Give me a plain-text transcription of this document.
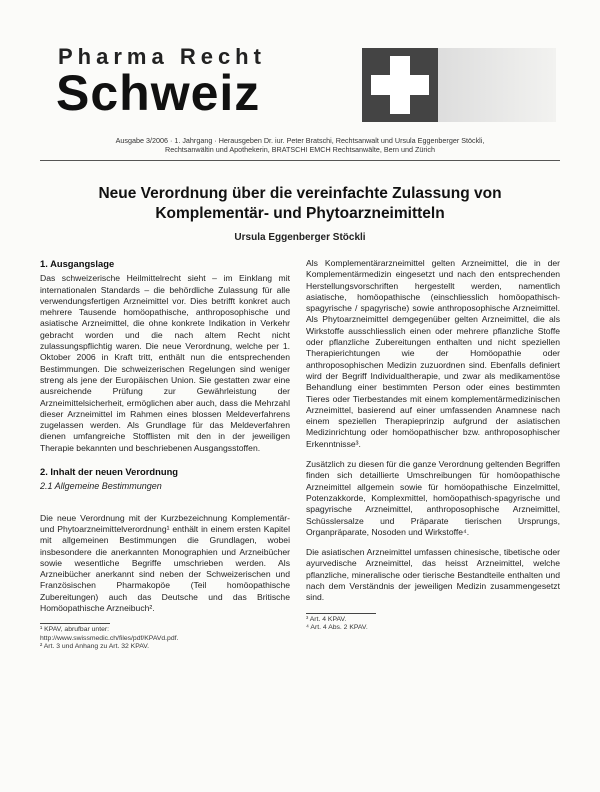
Pharma Recht
Schweiz
Ausgabe 3/2006 · 1. Jahrgang · Herausgeben Dr. iur. Peter Bratschi, Rechtsanwalt und Ursula Eggenberger Stöckli,
Rechtsanwältin und Apothekerin, BRATSCHI EMCH Rechtsanwälte, Bern und Zürich
Neue Verordnung über die vereinfachte Zulassung von
Komplementär- und Phytoarzneimitteln
Ursula Eggenberger Stöckli
1. Ausgangslage

Das schweizerische Heilmittelrecht sieht – im Einklang mit internationalen Standards – die behördliche Zulassung für alle verwendungsfertigen Arzneimittel vor. Dies betrifft konkret auch mehrere Tausende homöopathische, anthroposophische und asiatische Arzneimittel, die ohne konkrete Indikation in Verkehr gebracht worden und die nach altem Recht nicht zulassungspflichtig waren. Die neue Verordnung, welche per 1. Oktober 2006 in Kraft tritt, enthält nun die entsprechenden Bestimmungen. Die schweizerischen Regelungen sind weniger streng als jene der Europäischen Union. Sie gestatten zwar eine ausreichende Prüfung zur Gewährleistung der Arzneimittelsicherheit, ermöglichen aber auch, dass die Mehrzahl dieser Arzneimittel im Rahmen eines blossen Meldeverfahrens zugelassen werden. Als Grundlage für das Meldeverfahren dienen umfangreiche Stofflisten mit den in der jeweiligen Therapie bekannten und beschriebenen Ausgangsstoffen.

2. Inhalt der neuen Verordnung
2.1 Allgemeine Bestimmungen

Die neue Verordnung mit der Kurzbezeichnung Komplementär- und Phytoarzneimittelverordnung¹ enthält in einem ersten Kapitel mit allgemeinen Bestimmungen die Grundlagen, wobei insbesondere die anerkannten Monographien und Arzneibücher sowie wesentliche Begriffe umschrieben werden. Als Arzneibücher anerkannt sind neben der Schweizerischen und Französischen Pharmakopöe (Teil homöopathische Zubereitungen) auch das Deutsche und das Britische Homöopathische Arzneibuch².

¹ KPAV, abrufbar unter:
http://www.swissmedic.ch/files/pdf/KPAVd.pdf.
² Art. 3 und Anhang zu Art. 32 KPAV.

Als Komplementärarzneimittel gelten Arzneimittel, die in der Komplementärmedizin eingesetzt und nach den entsprechenden Herstellungsvorschriften hergestellt werden, namentlich asiatische, homöopathische (einschliesslich homöopathisch-spagyrische / spagyrische) sowie anthroposophische Arzneimittel. Als Phytoarzneimittel demgegenüber gelten Arzneimittel, die als Wirkstoffe ausschliesslich einen oder mehrere pflanzliche Stoffe oder pflanzliche Zubereitungen enthalten und nicht speziellen Therapierichtungen wie der Homöopathie oder anthroposophischen Medizin zuzuordnen sind. Ebenfalls definiert wird der Begriff Individualtherapie, und zwar als medikamentöse Behandlung einer bestimmten Person oder eines bestimmten Tieres oder Tierbestandes mit einem komplementärmedizinischen Arzneimittel, basierend auf einer umfassenden Anamnese nach einem speziellen Therapieprinzip aufgrund der asiatischen Medizinrichtung oder homöopathischer bzw. anthroposophischer Erkenntnisse³.

Zusätzlich zu diesen für die ganze Verordnung geltenden Begriffen finden sich detaillierte Umschreibungen für homöopathische Arzneimittel allgemein sowie für homöopathische Einzelmittel, Potenzakkorde, Komplexmittel, homöopathisch-spagyrische und spagyrische Arzneimittel, anthroposophische Arzneimittel, Schüsslersalze und Präparate tierischen Ursprungs, Organpräparate, Nosoden und Wirkstoffe⁴.

Die asiatischen Arzneimittel umfassen chinesische, tibetische oder ayurvedische Arzneimittel, das heisst Arzneimittel, welche pflanzliche, mineralische oder tierische Bestandteile enthalten und nach dem Verständnis der jeweiligen Medizin zusammengesetzt sind.

³ Art. 4 KPAV.
⁴ Art. 4 Abs. 2 KPAV.
